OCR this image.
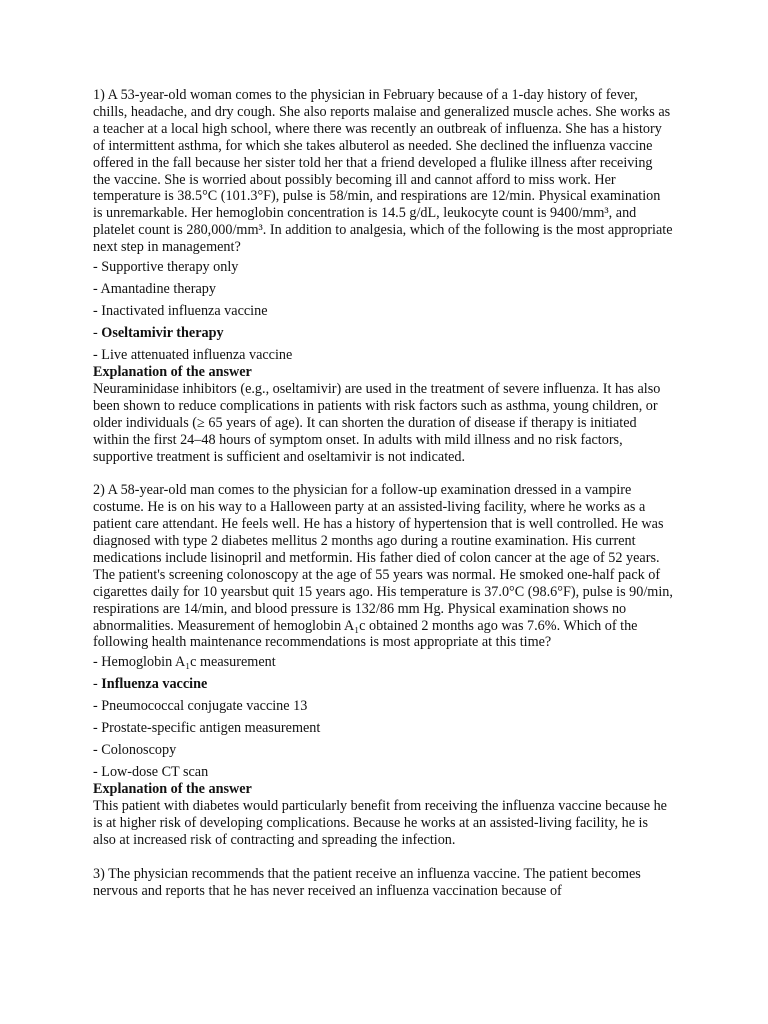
1) A 53-year-old woman comes to the physician in February because of a 1-day history of fever, chills, headache, and dry cough. She also reports malaise and generalized muscle aches. She works as a teacher at a local high school, where there was recently an outbreak of influenza. She has a history of intermittent asthma, for which she takes albuterol as needed. She declined the influenza vaccine offered in the fall because her sister told her that a friend developed a flulike illness after receiving the vaccine. She is worried about possibly becoming ill and cannot afford to miss work. Her temperature is 38.5°C (101.3°F), pulse is 58/min, and respirations are 12/min. Physical examination is unremarkable. Her hemoglobin concentration is 14.5 g/dL, leukocyte count is 9400/mm³, and platelet count is 280,000/mm³. In addition to analgesia, which of the following is the most appropriate next step in management?

- Supportive therapy only
- Amantadine therapy
- Inactivated influenza vaccine
- Oseltamivir therapy
- Live attenuated influenza vaccine

Explanation of the answer

Neuraminidase inhibitors (e.g., oseltamivir) are used in the treatment of severe influenza. It has also been shown to reduce complications in patients with risk factors such as asthma, young children, or older individuals (≥ 65 years of age). It can shorten the duration of disease if therapy is initiated within the first 24–48 hours of symptom onset. In adults with mild illness and no risk factors, supportive treatment is sufficient and oseltamivir is not indicated.

2) A 58-year-old man comes to the physician for a follow-up examination dressed in a vampire costume. He is on his way to a Halloween party at an assisted-living facility, where he works as a patient care attendant. He feels well. He has a history of hypertension that is well controlled. He was diagnosed with type 2 diabetes mellitus 2 months ago during a routine examination. His current medications include lisinopril and metformin. His father died of colon cancer at the age of 52 years. The patient's screening colonoscopy at the age of 55 years was normal. He smoked one-half pack of cigarettes daily for 10 yearsbut quit 15 years ago. His temperature is 37.0°C (98.6°F), pulse is 90/min, respirations are 14/min, and blood pressure is 132/86 mm Hg. Physical examination shows no abnormalities. Measurement of hemoglobin A₁c obtained 2 months ago was 7.6%. Which of the following health maintenance recommendations is most appropriate at this time?

- Hemoglobin A₁c measurement
- Influenza vaccine
- Pneumococcal conjugate vaccine 13
- Prostate-specific antigen measurement
- Colonoscopy
- Low-dose CT scan

Explanation of the answer

This patient with diabetes would particularly benefit from receiving the influenza vaccine because he is at higher risk of developing complications. Because he works at an assisted-living facility, he is also at increased risk of contracting and spreading the infection.

3) The physician recommends that the patient receive an influenza vaccine. The patient becomes nervous and reports that he has never received an influenza vaccination because of
